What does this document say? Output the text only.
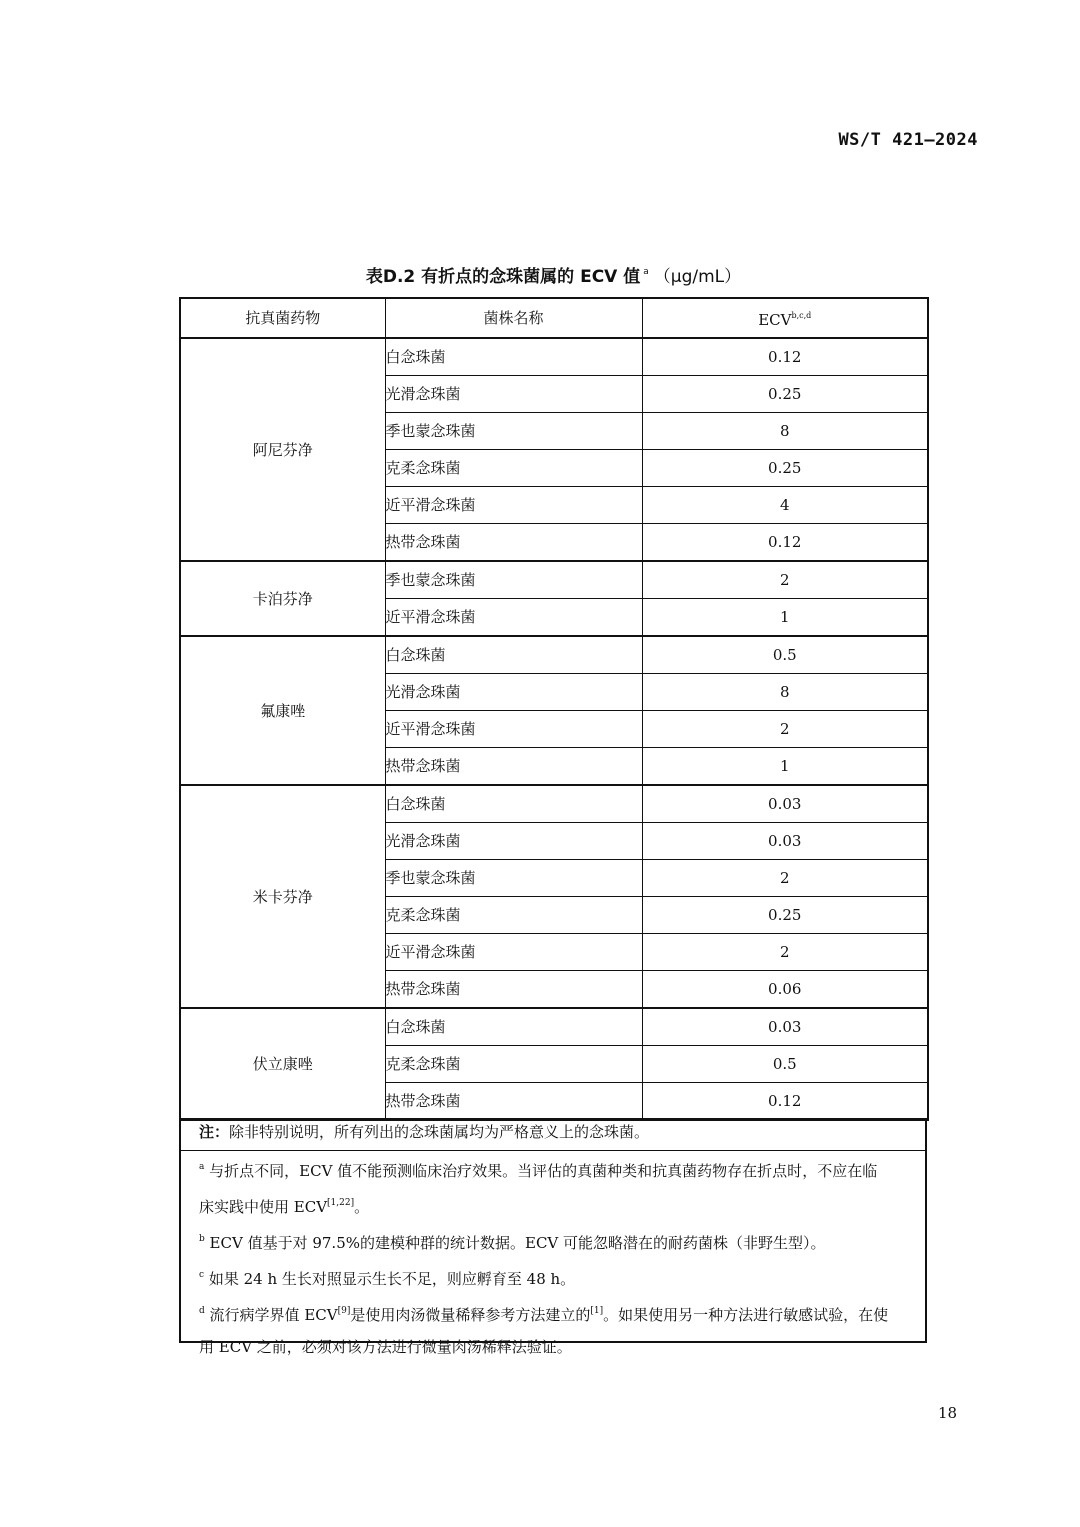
WS/T 421—2024
表D.2 有折点的念珠菌属的 ECV 值 $^a$ （μg/mL）
抗真菌药物	菌株名称	ECV$^{b,c,d}$
阿尼芬净	白念珠菌	0.12
	光滑念珠菌	0.25
	季也蒙念珠菌	8
	克柔念珠菌	0.25
	近平滑念珠菌	4
	热带念珠菌	0.12
卡泊芬净	季也蒙念珠菌	2
	近平滑念珠菌	1
氟康唑	白念珠菌	0.5
	光滑念珠菌	8
	近平滑念珠菌	2
	热带念珠菌	1
米卡芬净	白念珠菌	0.03
	光滑念珠菌	0.03
	季也蒙念珠菌	2
	克柔念珠菌	0.25
	近平滑念珠菌	2
	热带念珠菌	0.06
伏立康唑	白念珠菌	0.03
	克柔念珠菌	0.5
	热带念珠菌	0.12
注：除非特别说明，所有列出的念珠菌属均为严格意义上的念珠菌。
$^a$ 与折点不同，ECV 值不能预测临床治疗效果。当评估的真菌种类和抗真菌药物存在折点时，不应在临
床实践中使用 ECV[1,22]。
$^b$ ECV 值基于对 97.5%的建模种群的统计数据。ECV 可能忽略潜在的耐药菌株（非野生型）。
$^c$ 如果 24 h 生长对照显示生长不足，则应孵育至 48 h。
$^d$ 流行病学界值 ECV[9]是使用肉汤微量稀释参考方法建立的[1]。如果使用另一种方法进行敏感试验，在使
用 ECV 之前，必须对该方法进行微量肉汤稀释法验证。
18
